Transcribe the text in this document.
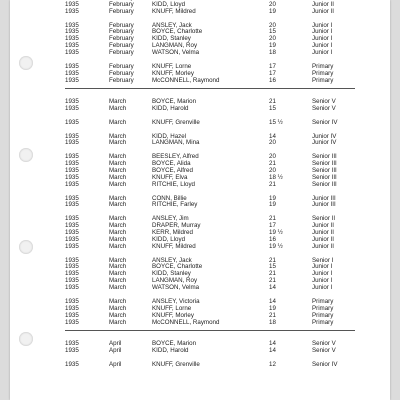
1935	February	KIDD, Lloyd	20	Junior II
1935	February	KNUFF, Mildred	19	Junior II
1935	February	ANSLEY, Jack	20	Junior I
1935	February	BOYCE, Charlotte	15	Junior I
1935	February	KIDD, Stanley	20	Junior I
1935	February	LANGMAN, Roy	19	Junior I
1935	February	WATSON, Velma	18	Junior I
1935	February	KNUFF, Lorne	17	Primary
1935	February	KNUFF, Morley	17	Primary
1935	February	McCONNELL, Raymond	16	Primary
1935	March	BOYCE, Marion	21	Senior V
1935	March	KIDD, Harold	15	Senior V
1935	March	KNUFF, Grenville	15 ½	Senior IV
1935	March	KIDD, Hazel	14	Junior IV
1935	March	LANGMAN, Mina	20	Junior IV
1935	March	BEESLEY, Alfred	20	Senior III
1935	March	BOYCE, Alida	21	Senior III
1935	March	BOYCE, Alfred	20	Senior III
1935	March	KNUFF, Elva	18 ½	Senior III
1935	March	RITCHIE, Lloyd	21	Senior III
1935	March	CONN, Billie	19	Junior III
1935	March	RITCHIE, Farley	19	Junior III
1935	March	ANSLEY, Jim	21	Senior II
1935	March	DRAPER, Murray	17	Junior II
1935	March	KERR, Mildred	19 ½	Junior II
1935	March	KIDD, Lloyd	16	Junior II
1935	March	KNUFF, Mildred	19 ½	Junior II
1935	March	ANSLEY, Jack	21	Senior I
1935	March	BOYCE, Charlotte	15	Junior I
1935	March	KIDD, Stanley	21	Junior I
1935	March	LANGMAN, Roy	21	Junior I
1935	March	WATSON, Velma	14	Junior I
1935	March	ANSLEY, Victoria	14	Primary
1935	March	KNUFF, Lorne	19	Primary
1935	March	KNUFF, Morley	21	Primary
1935	March	McCONNELL, Raymond	18	Primary
1935	April	BOYCE, Marion	14	Senior V
1935	April	KIDD, Harold	14	Senior V
1935	April	KNUFF, Grenville	12	Senior IV
